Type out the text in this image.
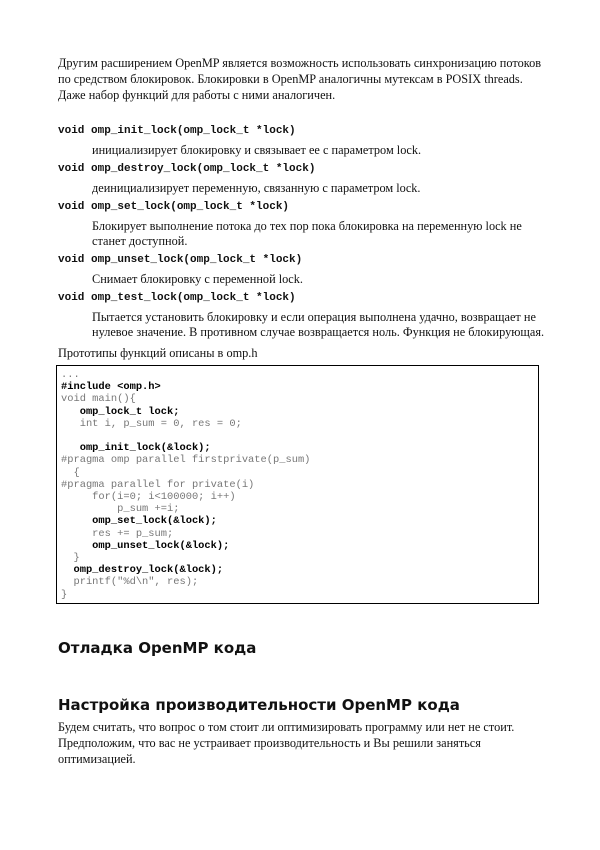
Другим расширением OpenMP является возможность использовать синхронизацию потоков
по средством блокировок. Блокировки в OpenMP аналогичны мутексам в POSIX threads.
Даже набор функций для работы с ними аналогичен.
void omp_init_lock(omp_lock_t *lock)
инициализирует блокировку и связывает ее с параметром lock.
void omp_destroy_lock(omp_lock_t *lock)
деинициализирует переменную, связанную с параметром lock.
void omp_set_lock(omp_lock_t *lock)
Блокирует выполнение потока до тех пор пока блокировка на переменную lock не станет доступной.
void omp_unset_lock(omp_lock_t *lock)
Снимает блокировку с переменной lock.
void omp_test_lock(omp_lock_t *lock)
Пытается установить блокировку и если операция выполнена удачно, возвращает не нулевое значение. В противном случае возвращается ноль. Функция не блокирующая.
Прототипы функций описаны в omp.h
...
#include <omp.h>
void main(){
omp_lock_t lock;
int i, p_sum = 0, res = 0;
omp_init_lock(&lock);
#pragma omp parallel firstprivate(p_sum)
{
#pragma parallel for private(i)
for(i=0; i<100000; i++)
p_sum +=i;
omp_set_lock(&lock);
res += p_sum;
omp_unset_lock(&lock);
}
omp_destroy_lock(&lock);
printf("%d\n", res);
}
Отладка OpenMP кода
Настройка производительности OpenMP кода
Будем считать, что вопрос о том стоит ли оптимизировать программу или нет не стоит.
Предположим, что вас не устраивает производительность и Вы решили заняться
оптимизацией.
